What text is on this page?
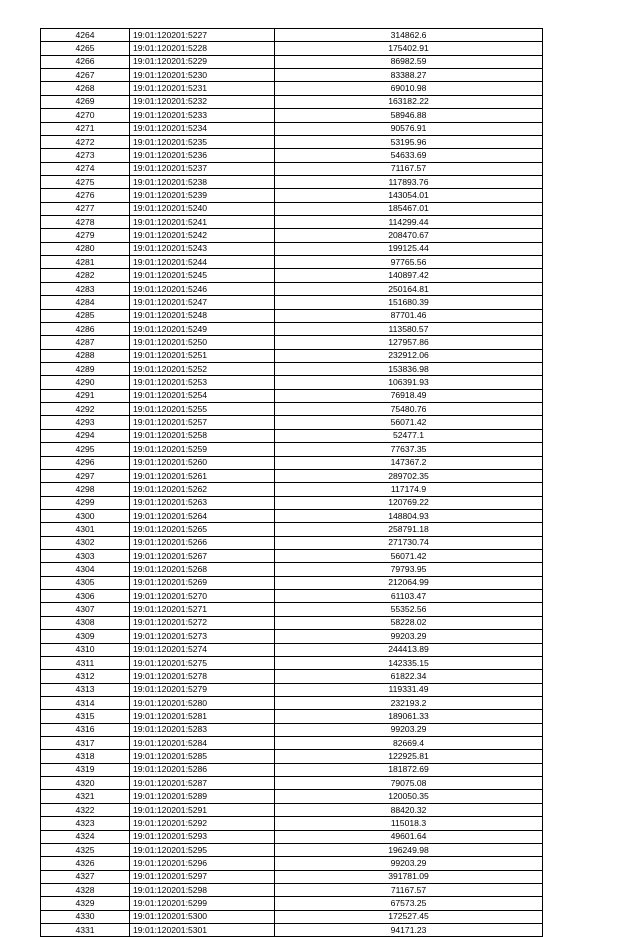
4264	19:01:120201:5227	314862.6
4265	19:01:120201:5228	175402.91
4266	19:01:120201:5229	86982.59
4267	19:01:120201:5230	83388.27
4268	19:01:120201:5231	69010.98
4269	19:01:120201:5232	163182.22
4270	19:01:120201:5233	58946.88
4271	19:01:120201:5234	90576.91
4272	19:01:120201:5235	53195.96
4273	19:01:120201:5236	54633.69
4274	19:01:120201:5237	71167.57
4275	19:01:120201:5238	117893.76
4276	19:01:120201:5239	143054.01
4277	19:01:120201:5240	185467.01
4278	19:01:120201:5241	114299.44
4279	19:01:120201:5242	208470.67
4280	19:01:120201:5243	199125.44
4281	19:01:120201:5244	97765.56
4282	19:01:120201:5245	140897.42
4283	19:01:120201:5246	250164.81
4284	19:01:120201:5247	151680.39
4285	19:01:120201:5248	87701.46
4286	19:01:120201:5249	113580.57
4287	19:01:120201:5250	127957.86
4288	19:01:120201:5251	232912.06
4289	19:01:120201:5252	153836.98
4290	19:01:120201:5253	106391.93
4291	19:01:120201:5254	76918.49
4292	19:01:120201:5255	75480.76
4293	19:01:120201:5257	56071.42
4294	19:01:120201:5258	52477.1
4295	19:01:120201:5259	77637.35
4296	19:01:120201:5260	147367.2
4297	19:01:120201:5261	289702.35
4298	19:01:120201:5262	117174.9
4299	19:01:120201:5263	120769.22
4300	19:01:120201:5264	148804.93
4301	19:01:120201:5265	258791.18
4302	19:01:120201:5266	271730.74
4303	19:01:120201:5267	56071.42
4304	19:01:120201:5268	79793.95
4305	19:01:120201:5269	212064.99
4306	19:01:120201:5270	61103.47
4307	19:01:120201:5271	55352.56
4308	19:01:120201:5272	58228.02
4309	19:01:120201:5273	99203.29
4310	19:01:120201:5274	244413.89
4311	19:01:120201:5275	142335.15
4312	19:01:120201:5278	61822.34
4313	19:01:120201:5279	119331.49
4314	19:01:120201:5280	232193.2
4315	19:01:120201:5281	189061.33
4316	19:01:120201:5283	99203.29
4317	19:01:120201:5284	82669.4
4318	19:01:120201:5285	122925.81
4319	19:01:120201:5286	181872.69
4320	19:01:120201:5287	79075.08
4321	19:01:120201:5289	120050.35
4322	19:01:120201:5291	88420.32
4323	19:01:120201:5292	115018.3
4324	19:01:120201:5293	49601.64
4325	19:01:120201:5295	196249.98
4326	19:01:120201:5296	99203.29
4327	19:01:120201:5297	391781.09
4328	19:01:120201:5298	71167.57
4329	19:01:120201:5299	67573.25
4330	19:01:120201:5300	172527.45
4331	19:01:120201:5301	94171.23
